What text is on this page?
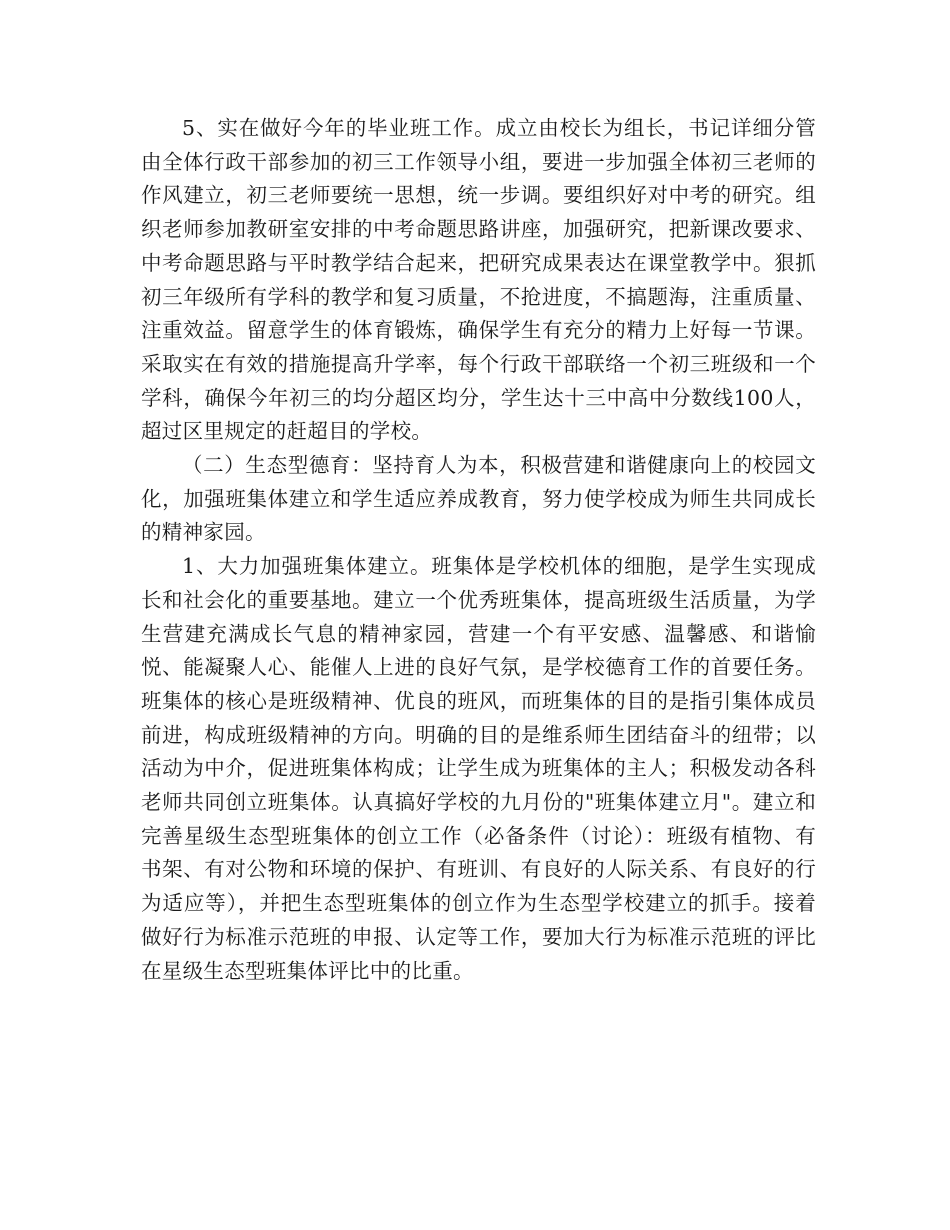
5、实在做好今年的毕业班工作。成立由校长为组长，书记详细分管由全体行政干部参加的初三工作领导小组，要进一步加强全体初三老师的作风建立，初三老师要统一思想，统一步调。要组织好对中考的研究。组织老师参加教研室安排的中考命题思路讲座，加强研究，把新课改要求、中考命题思路与平时教学结合起来，把研究成果表达在课堂教学中。狠抓初三年级所有学科的教学和复习质量，不抢进度，不搞题海，注重质量、注重效益。留意学生的体育锻炼，确保学生有充分的精力上好每一节课。采取实在有效的措施提高升学率，每个行政干部联络一个初三班级和一个学科，确保今年初三的均分超区均分，学生达十三中高中分数线100人，超过区里规定的赶超目的学校。

（二）生态型德育：坚持育人为本，积极营建和谐健康向上的校园文化，加强班集体建立和学生适应养成教育，努力使学校成为师生共同成长的精神家园。

1、大力加强班集体建立。班集体是学校机体的细胞，是学生实现成长和社会化的重要基地。建立一个优秀班集体，提高班级生活质量，为学生营建充满成长气息的精神家园，营建一个有平安感、温馨感、和谐愉悦、能凝聚人心、能催人上进的良好气氛，是学校德育工作的首要任务。班集体的核心是班级精神、优良的班风，而班集体的目的是指引集体成员前进，构成班级精神的方向。明确的目的是维系师生团结奋斗的纽带；以活动为中介，促进班集体构成；让学生成为班集体的主人；积极发动各科老师共同创立班集体。认真搞好学校的九月份的"班集体建立月"。建立和完善星级生态型班集体的创立工作（必备条件（讨论）：班级有植物、有书架、有对公物和环境的保护、有班训、有良好的人际关系、有良好的行为适应等），并把生态型班集体的创立作为生态型学校建立的抓手。接着做好行为标准示范班的申报、认定等工作，要加大行为标准示范班的评比在星级生态型班集体评比中的比重。
